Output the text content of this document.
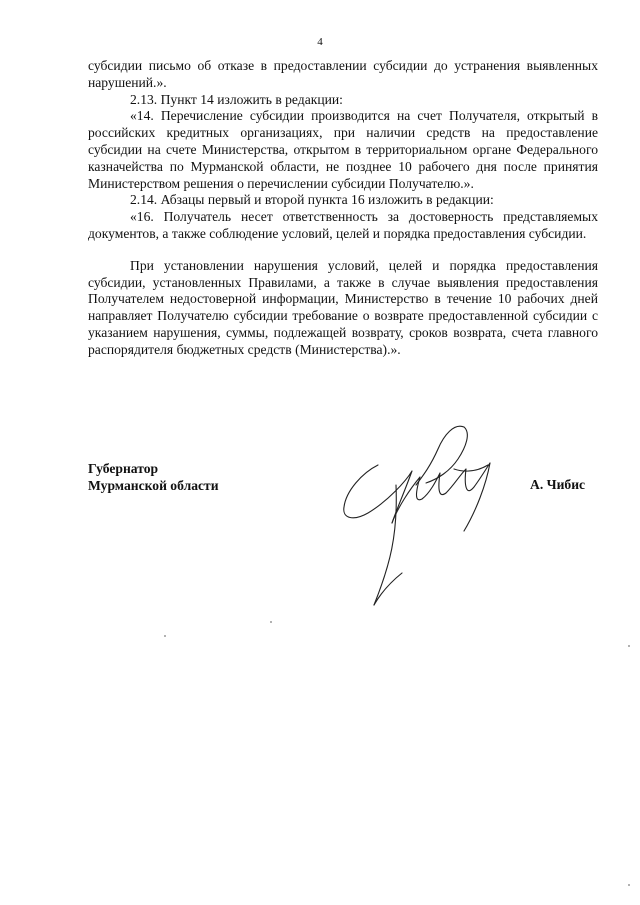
4

субсидии письмо об отказе в предоставлении субсидии до устранения выявленных нарушений.».

2.13. Пункт 14 изложить в редакции:

«14. Перечисление субсидии производится на счет Получателя, открытый в российских кредитных организациях, при наличии средств на предоставление субсидии на счете Министерства, открытом в территориальном органе Федерального казначейства по Мурманской области, не позднее 10 рабочего дня после принятия Министерством решения о перечислении субсидии Получателю.».

2.14. Абзацы первый и второй пункта 16 изложить в редакции:

«16. Получатель несет ответственность за достоверность представляемых документов, а также соблюдение условий, целей и порядка предоставления субсидии.

При установлении нарушения условий, целей и порядка предоставления субсидии, установленных Правилами, а также в случае выявления предоставления Получателем недостоверной информации, Министерство в течение 10 рабочих дней направляет Получателю субсидии требование о возврате предоставленной субсидии с указанием нарушения, суммы, подлежащей возврату, сроков возврата, счета главного распорядителя бюджетных средств (Министерства).».

Губернатор
Мурманской области	А. Чибис
